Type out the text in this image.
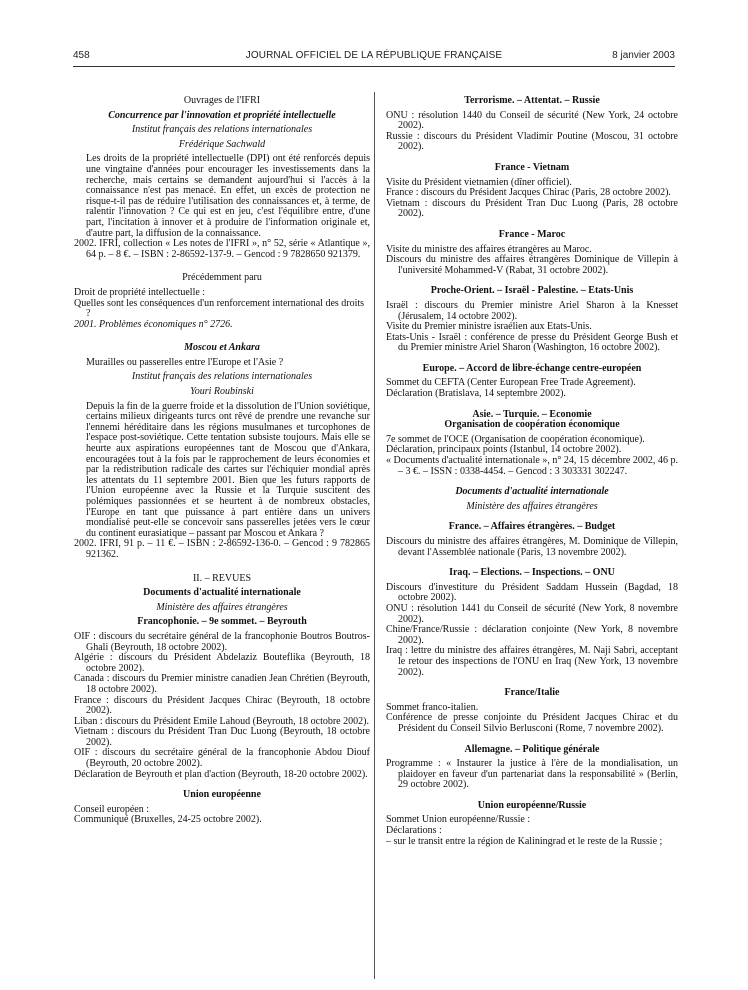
458	JOURNAL OFFICIEL DE LA RÉPUBLIQUE FRANÇAISE	8 janvier 2003

Ouvrages de l'IFRI

Concurrence par l'innovation et propriété intellectuelle

Institut français des relations internationales

Frédérique Sachwald

Les droits de la propriété intellectuelle (DPI) ont été renforcés depuis une vingtaine d'années pour encourager les investissements dans la recherche, mais certains se demandent aujourd'hui si l'accès à la connaissance n'est pas menacé. En effet, un excès de protection ne risque-t-il pas de réduire l'utilisation des connaissances et, à terme, de ralentir l'innovation ? Ce qui est en jeu, c'est l'équilibre entre, d'une part, l'incitation à innover et à produire de l'information originale et, d'autre part, la diffusion de la connaissance.

2002. IFRI, collection « Les notes de l'IFRI », n° 52, série « Atlantique », 64 p. – 8 €. – ISBN : 2-86592-137-9. – Gencod : 9 7828650 921379.

Précédemment paru

Droit de propriété intellectuelle :

Quelles sont les conséquences d'un renforcement international des droits ?

2001. Problèmes économiques n° 2726.

Moscou et Ankara

Murailles ou passerelles entre l'Europe et l'Asie ?

Institut français des relations internationales

Youri Roubinski

Depuis la fin de la guerre froide et la dissolution de l'Union soviétique, certains milieux dirigeants turcs ont rêvé de prendre une revanche sur l'ennemi héréditaire dans les régions musulmanes et turcophones de l'espace post-soviétique. Cette tentation subsiste toujours. Mais elle se heurte aux aspirations européennes tant de Moscou que d'Ankara, encouragées tout à la fois par le rapprochement de leurs économies et par la redistribution radicale des cartes sur l'échiquier mondial après les attentats du 11 septembre 2001. Bien que les futurs rapports de l'Union européenne avec la Russie et la Turquie suscitent des polémiques passionnées et se heurtent à de nombreux obstacles, l'Europe en tant que puissance à part entière dans un univers mondialisé peut-elle se concevoir sans passerelles jetées vers le cœur du continent eurasiatique – passant par Moscou et Ankara ?

2002. IFRI, 91 p. – 11 €. – ISBN : 2-86592-136-0. – Gencod : 9 782865 921362.

II. – REVUES

Documents d'actualité internationale

Ministère des affaires étrangères

Francophonie. – 9e sommet. – Beyrouth

OIF : discours du secrétaire général de la francophonie Boutros Boutros-Ghali (Beyrouth, 18 octobre 2002).

Algérie : discours du Président Abdelaziz Bouteflika (Beyrouth, 18 octobre 2002).

Canada : discours du Premier ministre canadien Jean Chrétien (Beyrouth, 18 octobre 2002).

France : discours du Président Jacques Chirac (Beyrouth, 18 octobre 2002).

Liban : discours du Président Emile Lahoud (Beyrouth, 18 octobre 2002).

Vietnam : discours du Président Tran Duc Luong (Beyrouth, 18 octobre 2002).

OIF : discours du secrétaire général de la francophonie Abdou Diouf (Beyrouth, 20 octobre 2002).

Déclaration de Beyrouth et plan d'action (Beyrouth, 18-20 octobre 2002).

Union européenne

Conseil européen :

Communiqué (Bruxelles, 24-25 octobre 2002).

Terrorisme. – Attentat. – Russie

ONU : résolution 1440 du Conseil de sécurité (New York, 24 octobre 2002).

Russie : discours du Président Vladimir Poutine (Moscou, 31 octobre 2002).

France - Vietnam

Visite du Président vietnamien (dîner officiel).

France : discours du Président Jacques Chirac (Paris, 28 octobre 2002).

Vietnam : discours du Président Tran Duc Luong (Paris, 28 octobre 2002).

France - Maroc

Visite du ministre des affaires étrangères au Maroc.

Discours du ministre des affaires étrangères Dominique de Villepin à l'université Mohammed-V (Rabat, 31 octobre 2002).

Proche-Orient. – Israël - Palestine. – Etats-Unis

Israël : discours du Premier ministre Ariel Sharon à la Knesset (Jérusalem, 14 octobre 2002).

Visite du Premier ministre israélien aux Etats-Unis.

Etats-Unis - Israël : conférence de presse du Président George Bush et du Premier ministre Ariel Sharon (Washington, 16 octobre 2002).

Europe. – Accord de libre-échange centre-européen

Sommet du CEFTA (Center European Free Trade Agreement).

Déclaration (Bratislava, 14 septembre 2002).

Asie. – Turquie. – Economie

Organisation de coopération économique

7e sommet de l'OCE (Organisation de coopération économique).

Déclaration, principaux points (Istanbul, 14 octobre 2002).

« Documents d'actualité internationale », n° 24, 15 décembre 2002, 46 p. – 3 €. – ISSN : 0338-4454. – Gencod : 3 303331 302247.

Documents d'actualité internationale

Ministère des affaires étrangères

France. – Affaires étrangères. – Budget

Discours du ministre des affaires étrangères, M. Dominique de Villepin, devant l'Assemblée nationale (Paris, 13 novembre 2002).

Iraq. – Elections. – Inspections. – ONU

Discours d'investiture du Président Saddam Hussein (Bagdad, 18 octobre 2002).

ONU : résolution 1441 du Conseil de sécurité (New York, 8 novembre 2002).

Chine/France/Russie : déclaration conjointe (New York, 8 novembre 2002).

Iraq : lettre du ministre des affaires étrangères, M. Naji Sabri, acceptant le retour des inspections de l'ONU en Iraq (New York, 13 novembre 2002).

France/Italie

Sommet franco-italien.

Conférence de presse conjointe du Président Jacques Chirac et du Président du Conseil Silvio Berlusconi (Rome, 7 novembre 2002).

Allemagne. – Politique générale

Programme : « Instaurer la justice à l'ère de la mondialisation, un plaidoyer en faveur d'un partenariat dans la responsabilité » (Berlin, 29 octobre 2002).

Union européenne/Russie

Sommet Union européenne/Russie :

Déclarations :

– sur le transit entre la région de Kaliningrad et le reste de la Russie ;
